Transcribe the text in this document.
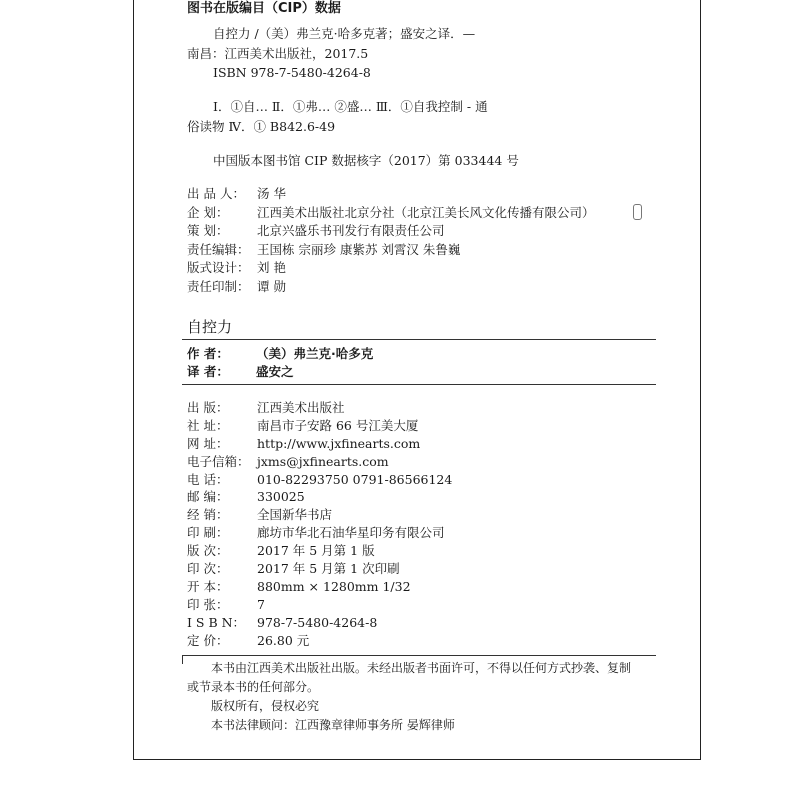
图书在版编目（CIP）数据
自控力 /（美）弗兰克·哈多克著；盛安之译．—
南昌：江西美术出版社，2017.5
ISBN 978-7-5480-4264-8
Ⅰ．①自… Ⅱ．①弗… ②盛… Ⅲ．①自我控制 - 通
俗读物 Ⅳ．① B842.6-49
中国版本图书馆 CIP 数据核字（2017）第 033444 号
出 品 人： 汤 华
企 划：	江西美术出版社北京分社（北京江美长风文化传播有限公司）
策 划：	北京兴盛乐书刊发行有限责任公司
责任编辑： 王国栋 宗丽珍 康紫苏 刘霄汉 朱鲁巍
版式设计： 刘 艳
责任印制： 谭 勋
自控力
作 者：	（美）弗兰克·哈多克
译 者：	盛安之
出 版：	江西美术出版社
社 址：	南昌市子安路 66 号江美大厦
网 址：	http://www.jxfinearts.com
电子信箱： jxms@jxfinearts.com
电 话：	010-82293750 0791-86566124
邮 编：	330025
经 销：	全国新华书店
印 刷：	廊坊市华北石油华星印务有限公司
版 次：	2017 年 5 月第 1 版
印 次：	2017 年 5 月第 1 次印刷
开 本：	880mm × 1280mm 1/32
印 张：	7
I S B N： 978-7-5480-4264-8
定 价：	26.80 元

本书由江西美术出版社出版。未经出版者书面许可，不得以任何方式抄袭、复制

或节录本书的任何部分。

版权所有，侵权必究

本书法律顾问：江西豫章律师事务所 晏辉律师
